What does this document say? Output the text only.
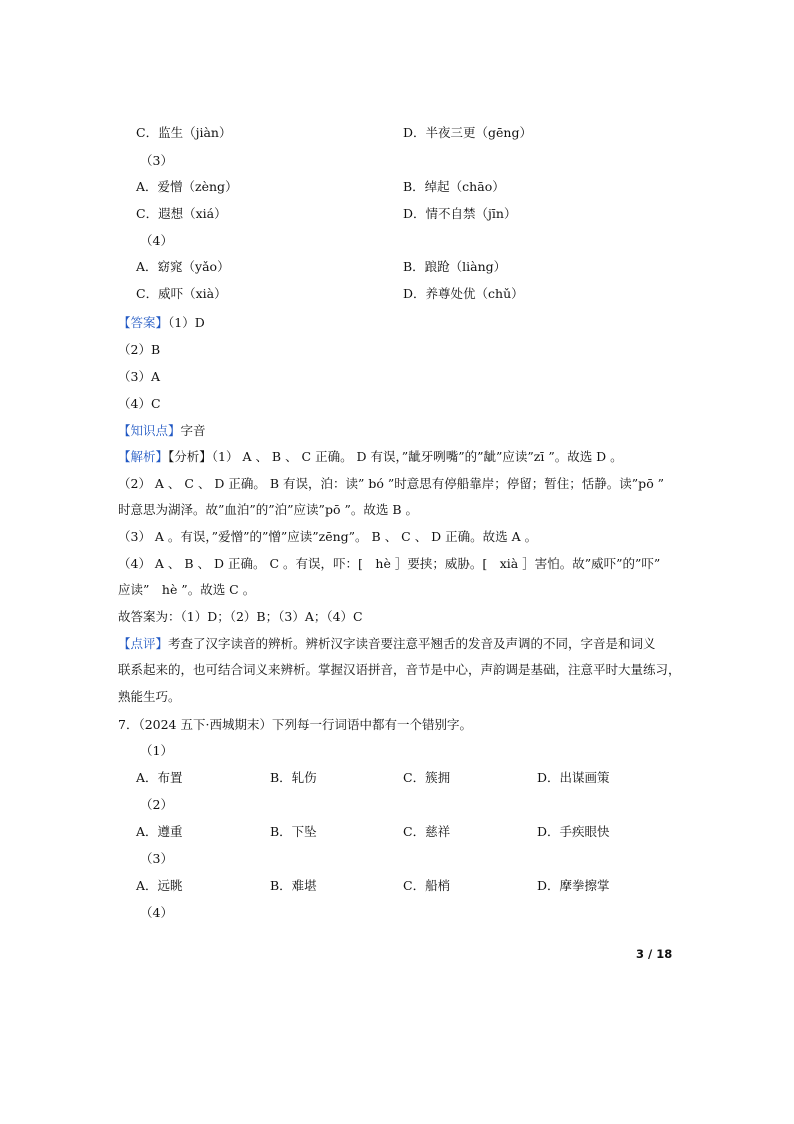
C．监生（jiàn）	D．半夜三更（gēng）
（3）
A．爱憎（zèng）	B．绰起（chāo）
C．遐想（xiá）	D．情不自禁（jīn）
（4）
A．窈窕（yǎo）	B．踉跄（liàng）
C．威吓（xià）	D．养尊处优（chǔ）
【答案】（1）D
（2）B
（3）A
（4）C
【知识点】字音
【解析】【分析】（1） A 、 B 、 C 正确。 D 有误，”龇牙咧嘴”的”龇”应读”zī ”。故选 D 。
（2） A 、 C 、 D 正确。 B 有误，泊：读” bó ”时意思有停船靠岸；停留；暂住；恬静。读”pō ”
时意思为湖泽。故”血泊”的”泊”应读”pō ”。故选 B 。
（3） A 。有误，”爱憎”的”憎”应读”zēng”。 B 、 C 、 D 正确。故选 A 。
（4） A 、 B 、 D 正确。 C 。有误，吓：[　hè ］要挟；威胁。[　xià ］害怕。故”威吓”的”吓”
应读”　hè ”。故选 C 。
故答案为：（1）D；（2）B；（3）A；（4）C
【点评】考查了汉字读音的辨析。辨析汉字读音要注意平翘舌的发音及声调的不同，字音是和词义
联系起来的，也可结合词义来辨析。掌握汉语拼音，音节是中心，声韵调是基础，注意平时大量练习，
熟能生巧。
7．（2024 五下·西城期末）下列每一行词语中都有一个错别字。
（1）
A．布置	B．轧伤	C．簇拥	D．出谋画策
（2）
A．遵重	B．下坠	C．慈祥	D．手疾眼快
（3）
A．远眺	B．难堪	C．船梢	D．摩拳擦掌
（4）
3 / 18
